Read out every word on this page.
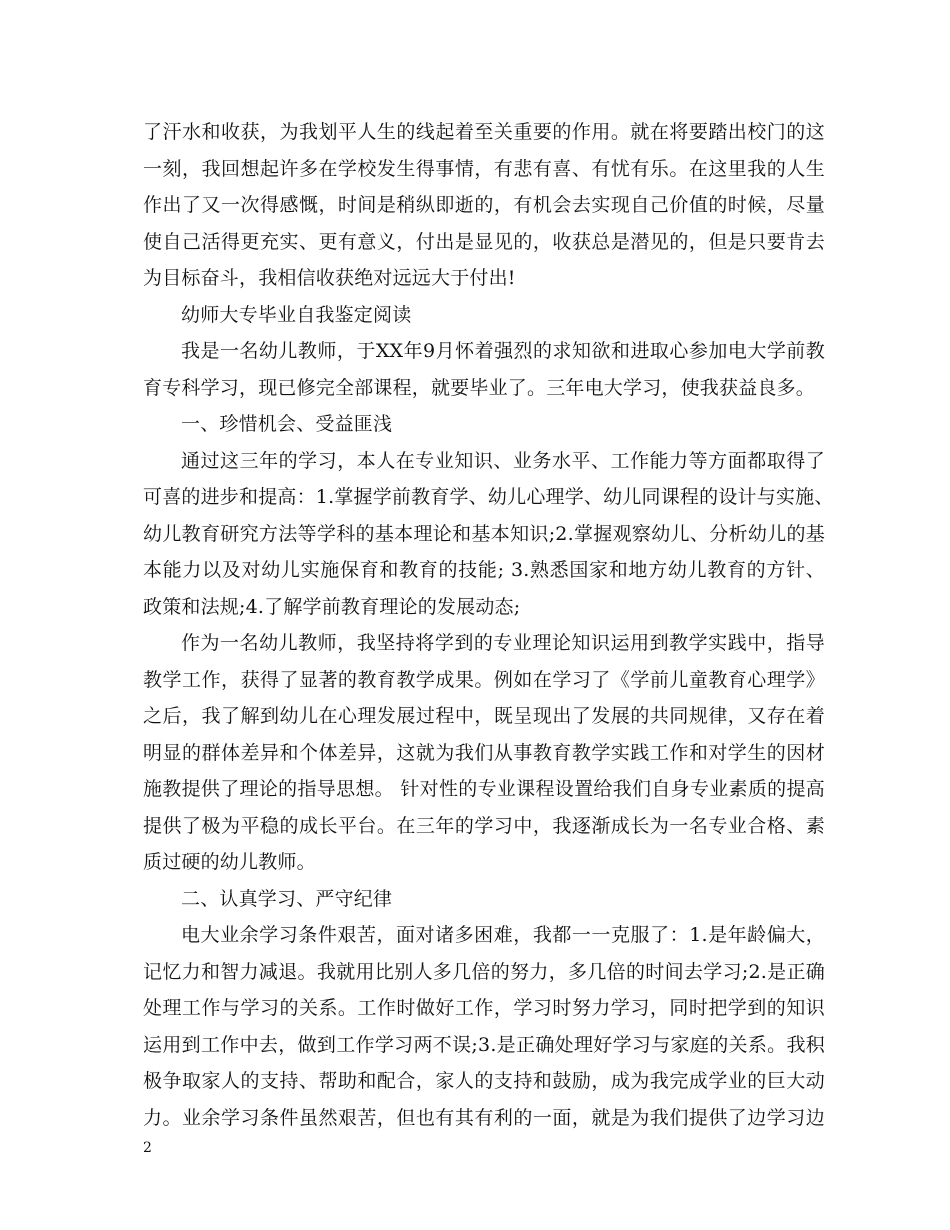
了汗水和收获，为我划平人生的线起着至关重要的作用。就在将要踏出校门的这
一刻，我回想起许多在学校发生得事情，有悲有喜、有忧有乐。在这里我的人生
作出了又一次得感慨，时间是稍纵即逝的，有机会去实现自己价值的时候，尽量
使自己活得更充实、更有意义，付出是显见的，收获总是潜见的，但是只要肯去
为目标奋斗，我相信收获绝对远远大于付出!
幼师大专毕业自我鉴定阅读
我是一名幼儿教师，于XX年9月怀着强烈的求知欲和进取心参加电大学前教
育专科学习，现已修完全部课程，就要毕业了。三年电大学习，使我获益良多。
一、珍惜机会、受益匪浅
通过这三年的学习，本人在专业知识、业务水平、工作能力等方面都取得了
可喜的进步和提高：1.掌握学前教育学、幼儿心理学、幼儿同课程的设计与实施、
幼儿教育研究方法等学科的基本理论和基本知识;2.掌握观察幼儿、分析幼儿的基
本能力以及对幼儿实施保育和教育的技能; 3.熟悉国家和地方幼儿教育的方针、
政策和法规;4.了解学前教育理论的发展动态;
作为一名幼儿教师，我坚持将学到的专业理论知识运用到教学实践中，指导
教学工作，获得了显著的教育教学成果。例如在学习了《学前儿童教育心理学》
之后，我了解到幼儿在心理发展过程中，既呈现出了发展的共同规律，又存在着
明显的群体差异和个体差异，这就为我们从事教育教学实践工作和对学生的因材
施教提供了理论的指导思想。 针对性的专业课程设置给我们自身专业素质的提高
提供了极为平稳的成长平台。在三年的学习中，我逐渐成长为一名专业合格、素
质过硬的幼儿教师。
二、认真学习、严守纪律
电大业余学习条件艰苦，面对诸多困难，我都一一克服了：1.是年龄偏大，
记忆力和智力减退。我就用比别人多几倍的努力，多几倍的时间去学习;2.是正确
处理工作与学习的关系。工作时做好工作，学习时努力学习，同时把学到的知识
运用到工作中去，做到工作学习两不误;3.是正确处理好学习与家庭的关系。我积
极争取家人的支持、帮助和配合，家人的支持和鼓励，成为我完成学业的巨大动
力。业余学习条件虽然艰苦，但也有其有利的一面，就是为我们提供了边学习边
2
